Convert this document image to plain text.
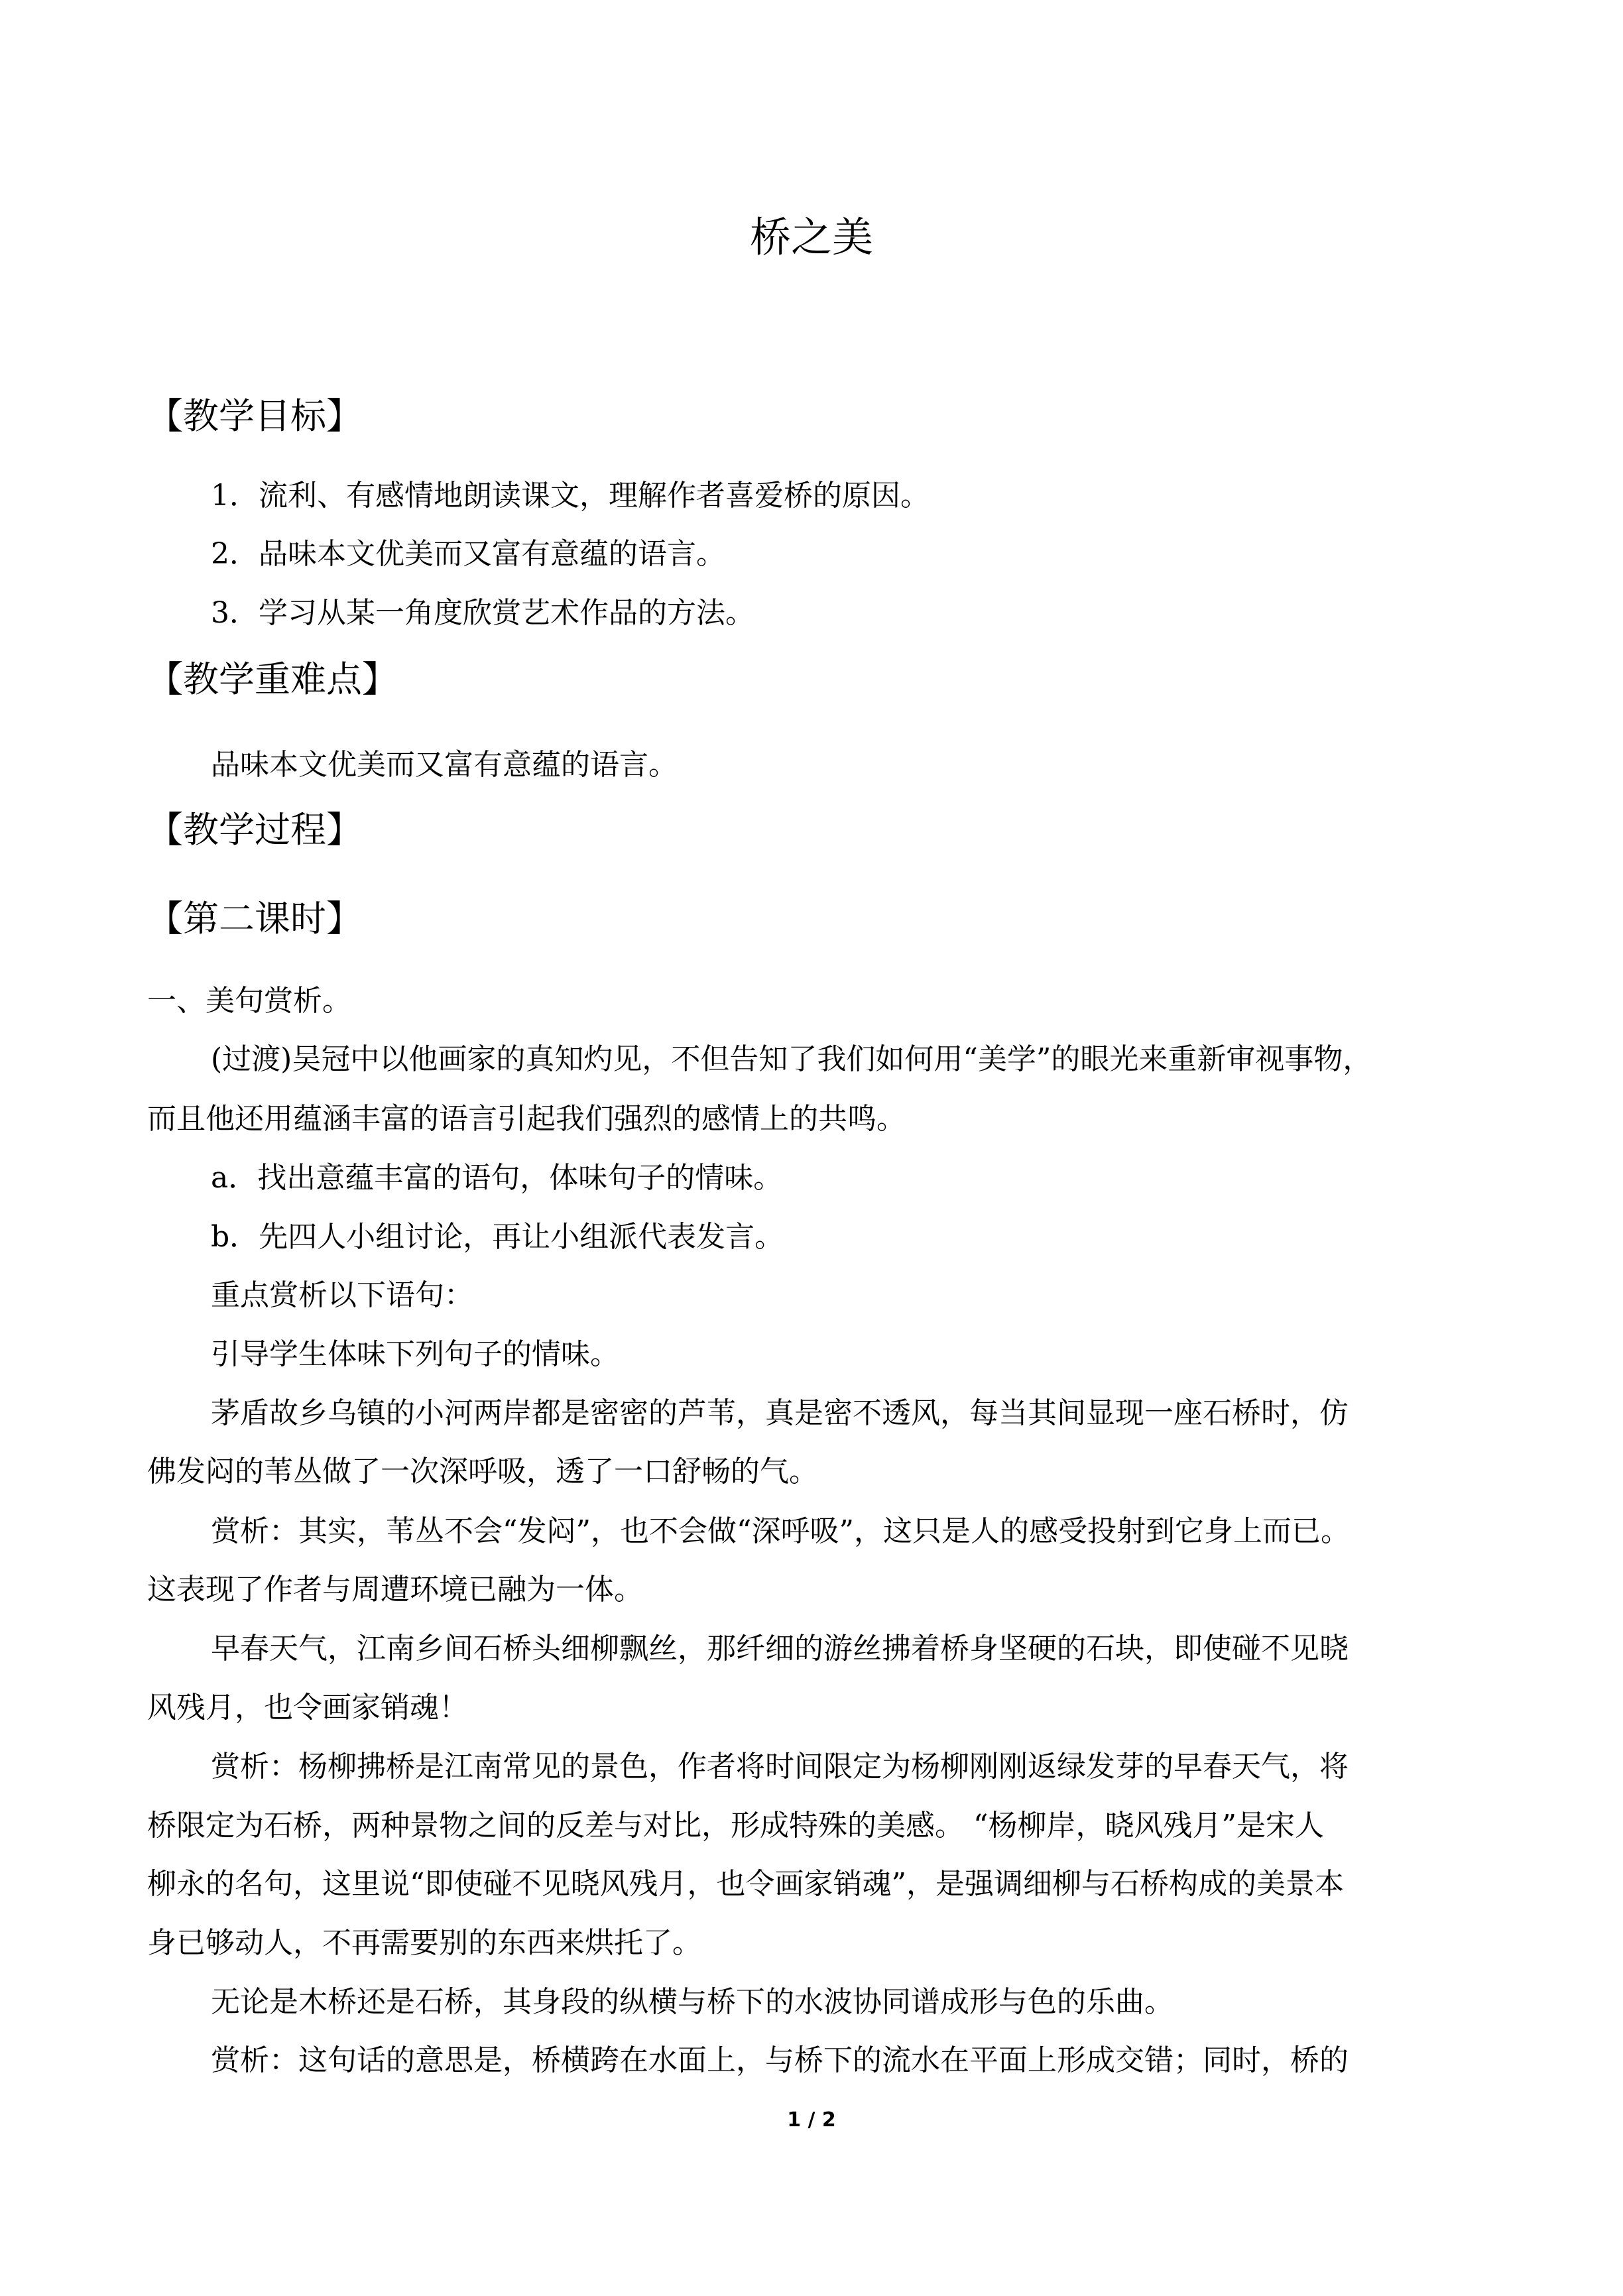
桥之美
【教学目标】
1．流利、有感情地朗读课文，理解作者喜爱桥的原因。
2．品味本文优美而又富有意蕴的语言。
3．学习从某一角度欣赏艺术作品的方法。
【教学重难点】
品味本文优美而又富有意蕴的语言。
【教学过程】
【第二课时】
一、美句赏析。
(过渡)吴冠中以他画家的真知灼见，不但告知了我们如何用“美学”的眼光来重新审视事物，
而且他还用蕴涵丰富的语言引起我们强烈的感情上的共鸣。
a．找出意蕴丰富的语句，体味句子的情味。
b．先四人小组讨论，再让小组派代表发言。
重点赏析以下语句：
引导学生体味下列句子的情味。
茅盾故乡乌镇的小河两岸都是密密的芦苇，真是密不透风，每当其间显现一座石桥时，仿
佛发闷的苇丛做了一次深呼吸，透了一口舒畅的气。
赏析：其实，苇丛不会“发闷”，也不会做“深呼吸”，这只是人的感受投射到它身上而已。
这表现了作者与周遭环境已融为一体。
早春天气，江南乡间石桥头细柳飘丝，那纤细的游丝拂着桥身坚硬的石块，即使碰不见晓
风残月，也令画家销魂！
赏析：杨柳拂桥是江南常见的景色，作者将时间限定为杨柳刚刚返绿发芽的早春天气，将
桥限定为石桥，两种景物之间的反差与对比，形成特殊的美感。 “杨柳岸，晓风残月”是宋人
柳永的名句，这里说“即使碰不见晓风残月，也令画家销魂”，是强调细柳与石桥构成的美景本
身已够动人，不再需要别的东西来烘托了。
无论是木桥还是石桥，其身段的纵横与桥下的水波协同谱成形与色的乐曲。
赏析：这句话的意思是，桥横跨在水面上，与桥下的流水在平面上形成交错；同时，桥的
1 / 2
